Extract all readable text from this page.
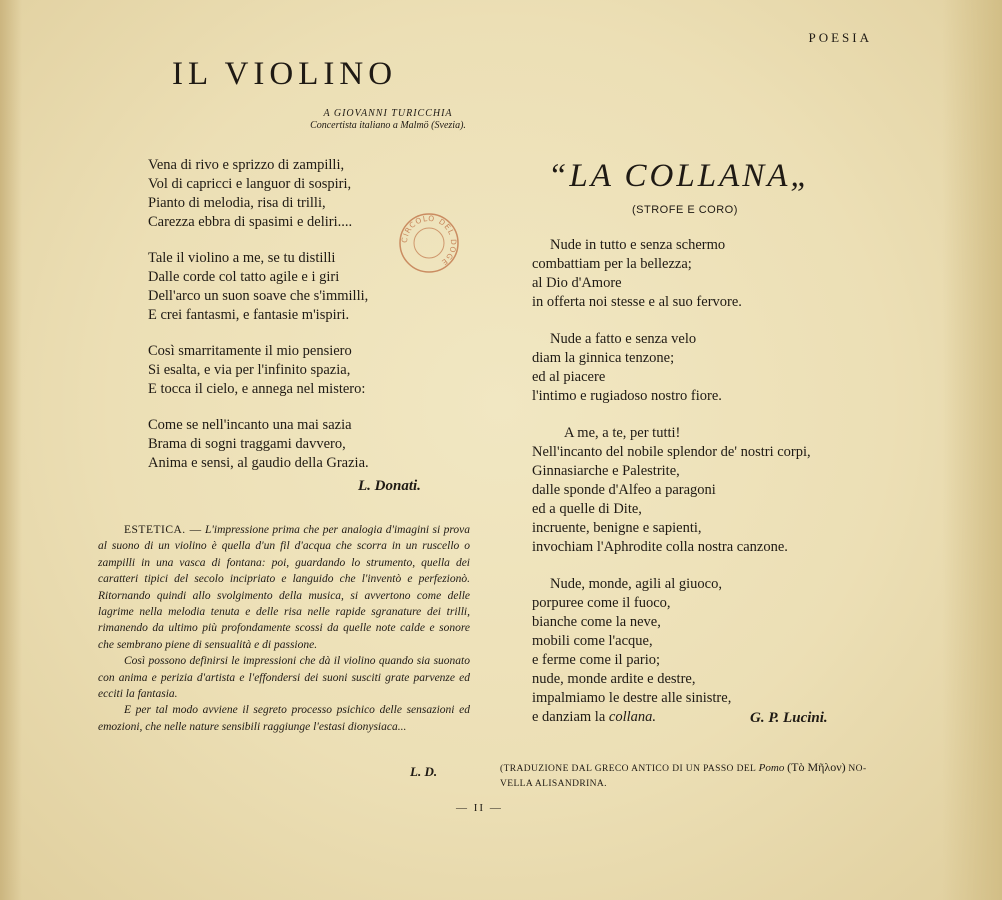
POESIA
IL VIOLINO
A GIOVANNI TURICCHIA
Concertista italiano a Malmö (Svezia).
Vena di rivo e sprizzo di zampilli,
Vol di capricci e languor di sospiri,
Pianto di melodia, risa di trilli,
Carezza ebbra di spasimi e deliri....
Tale il violino a me, se tu distilli
Dalle corde col tatto agile e i giri
Dell'arco un suon soave che s'immilli,
E crei fantasmi, e fantasie m'ispiri.
Così smarritamente il mio pensiero
Si esalta, e via per l'infinito spazia,
E tocca il cielo, e annega nel mistero:
Come se nell'incanto una mai sazia
Brama di sogni traggami davvero,
Anima e sensi, al gaudio della Grazia.
CIRCOLO DEL DOGE
L. Donati.

ESTETICA. — L'impressione prima che per analogia d'imagini si prova al suono di un violino è quella d'un fil d'acqua che scorra in un ruscello o zampilli in una vasca di fontana: poi, guardando lo strumento, quella dei caratteri tipici del secolo incipriato e languido che l'inventò e perfezionò. Ritornando quindi allo svolgimento della musica, si avvertono come delle lagrime nella melodia tenuta e delle risa nelle rapide sgranature dei trilli, rimanendo da ultimo più profondamente scossi da quelle note calde e sonore che sembrano piene di sensualità e di passione.

Così possono definirsi le impressioni che dà il violino quando sia suonato con anima e perizia d'artista e l'effondersi dei suoni susciti grate parvenze ed ecciti la fantasia.

E per tal modo avviene il segreto processo psichico delle sensazioni ed emozioni, che nelle nature sensibili raggiunge l'estasi dionysiaca...

L. D.
“LA COLLANA„
(STROFE E CORO)
Nude in tutto e senza schermo
combattiam per la bellezza;
al Dio d'Amore
in offerta noi stesse e al suo fervore.
Nude a fatto e senza velo
diam la ginnica tenzone;
ed al piacere
l'intimo e rugiadoso nostro fiore.
A me, a te, per tutti!
Nell'incanto del nobile splendor de' nostri corpi,
Ginnasiarche e Palestrite,
dalle sponde d'Alfeo a paragoni
ed a quelle di Dite,
incruente, benigne e sapienti,
invochiam l'Aphrodite colla nostra canzone.
Nude, monde, agili al giuoco,
porpuree come il fuoco,
bianche come la neve,
mobili come l'acque,
e ferme come il pario;
nude, monde ardite e destre,
impalmiamo le destre alle sinistre,
e danziam la collana.	G. P. Lucini.
(TRADUZIONE DAL GRECO ANTICO DI UN PASSO DEL Pomo (Τὸ Μῆλον) NO-
VELLA ALISANDRINA.
— II —
